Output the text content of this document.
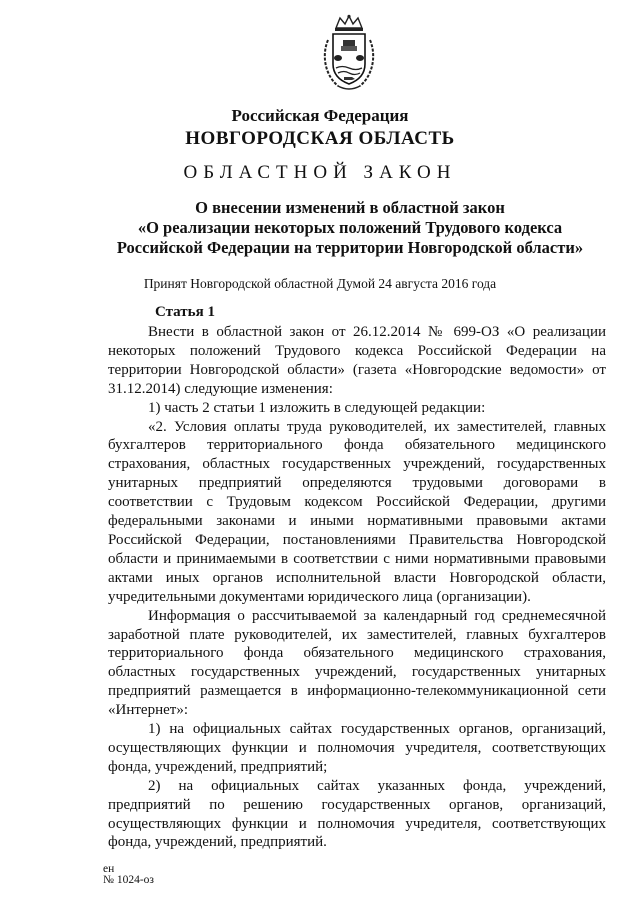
Российская Федерация
НОВГОРОДСКАЯ ОБЛАСТЬ
ОБЛАСТНОЙ ЗАКОН
О внесении изменений в областной закон
«О реализации некоторых положений Трудового кодекса
Российской Федерации на территории Новгородской области»
Принят Новгородской областной Думой 24 августа 2016 года
Статья 1

Внести в областной закон от 26.12.2014 № 699-ОЗ «О реализации некоторых положений Трудового кодекса Российской Федерации на территории Новгородской области» (газета «Новгородские ведомости» от 31.12.2014) следующие изменения:

1) часть 2 статьи 1 изложить в следующей редакции:

«2. Условия оплаты труда руководителей, их заместителей, главных бухгалтеров территориального фонда обязательного медицинского страхования, областных государственных учреждений, государственных унитарных предприятий определяются трудовыми договорами в соответствии с Трудовым кодексом Российской Федерации, другими федеральными законами и иными нормативными правовыми актами Российской Федерации, постановлениями Правительства Новгородской области и принимаемыми в соответствии с ними нормативными правовыми актами иных органов исполнительной власти Новгородской области, учредительными документами юридического лица (организации).

Информация о рассчитываемой за календарный год среднемесячной заработной плате руководителей, их заместителей, главных бухгалтеров территориального фонда обязательного медицинского страхования, областных государственных учреждений, государственных унитарных предприятий размещается в информационно-телекоммуникационной сети «Интернет»:

1) на официальных сайтах государственных органов, организаций, осуществляющих функции и полномочия учредителя, соответствующих фонда, учреждений, предприятий;

2) на официальных сайтах указанных фонда, учреждений, предприятий по решению государственных органов, организаций, осуществляющих функции и полномочия учредителя, соответствующих фонда, учреждений, предприятий.

ен
№ 1024-оз
